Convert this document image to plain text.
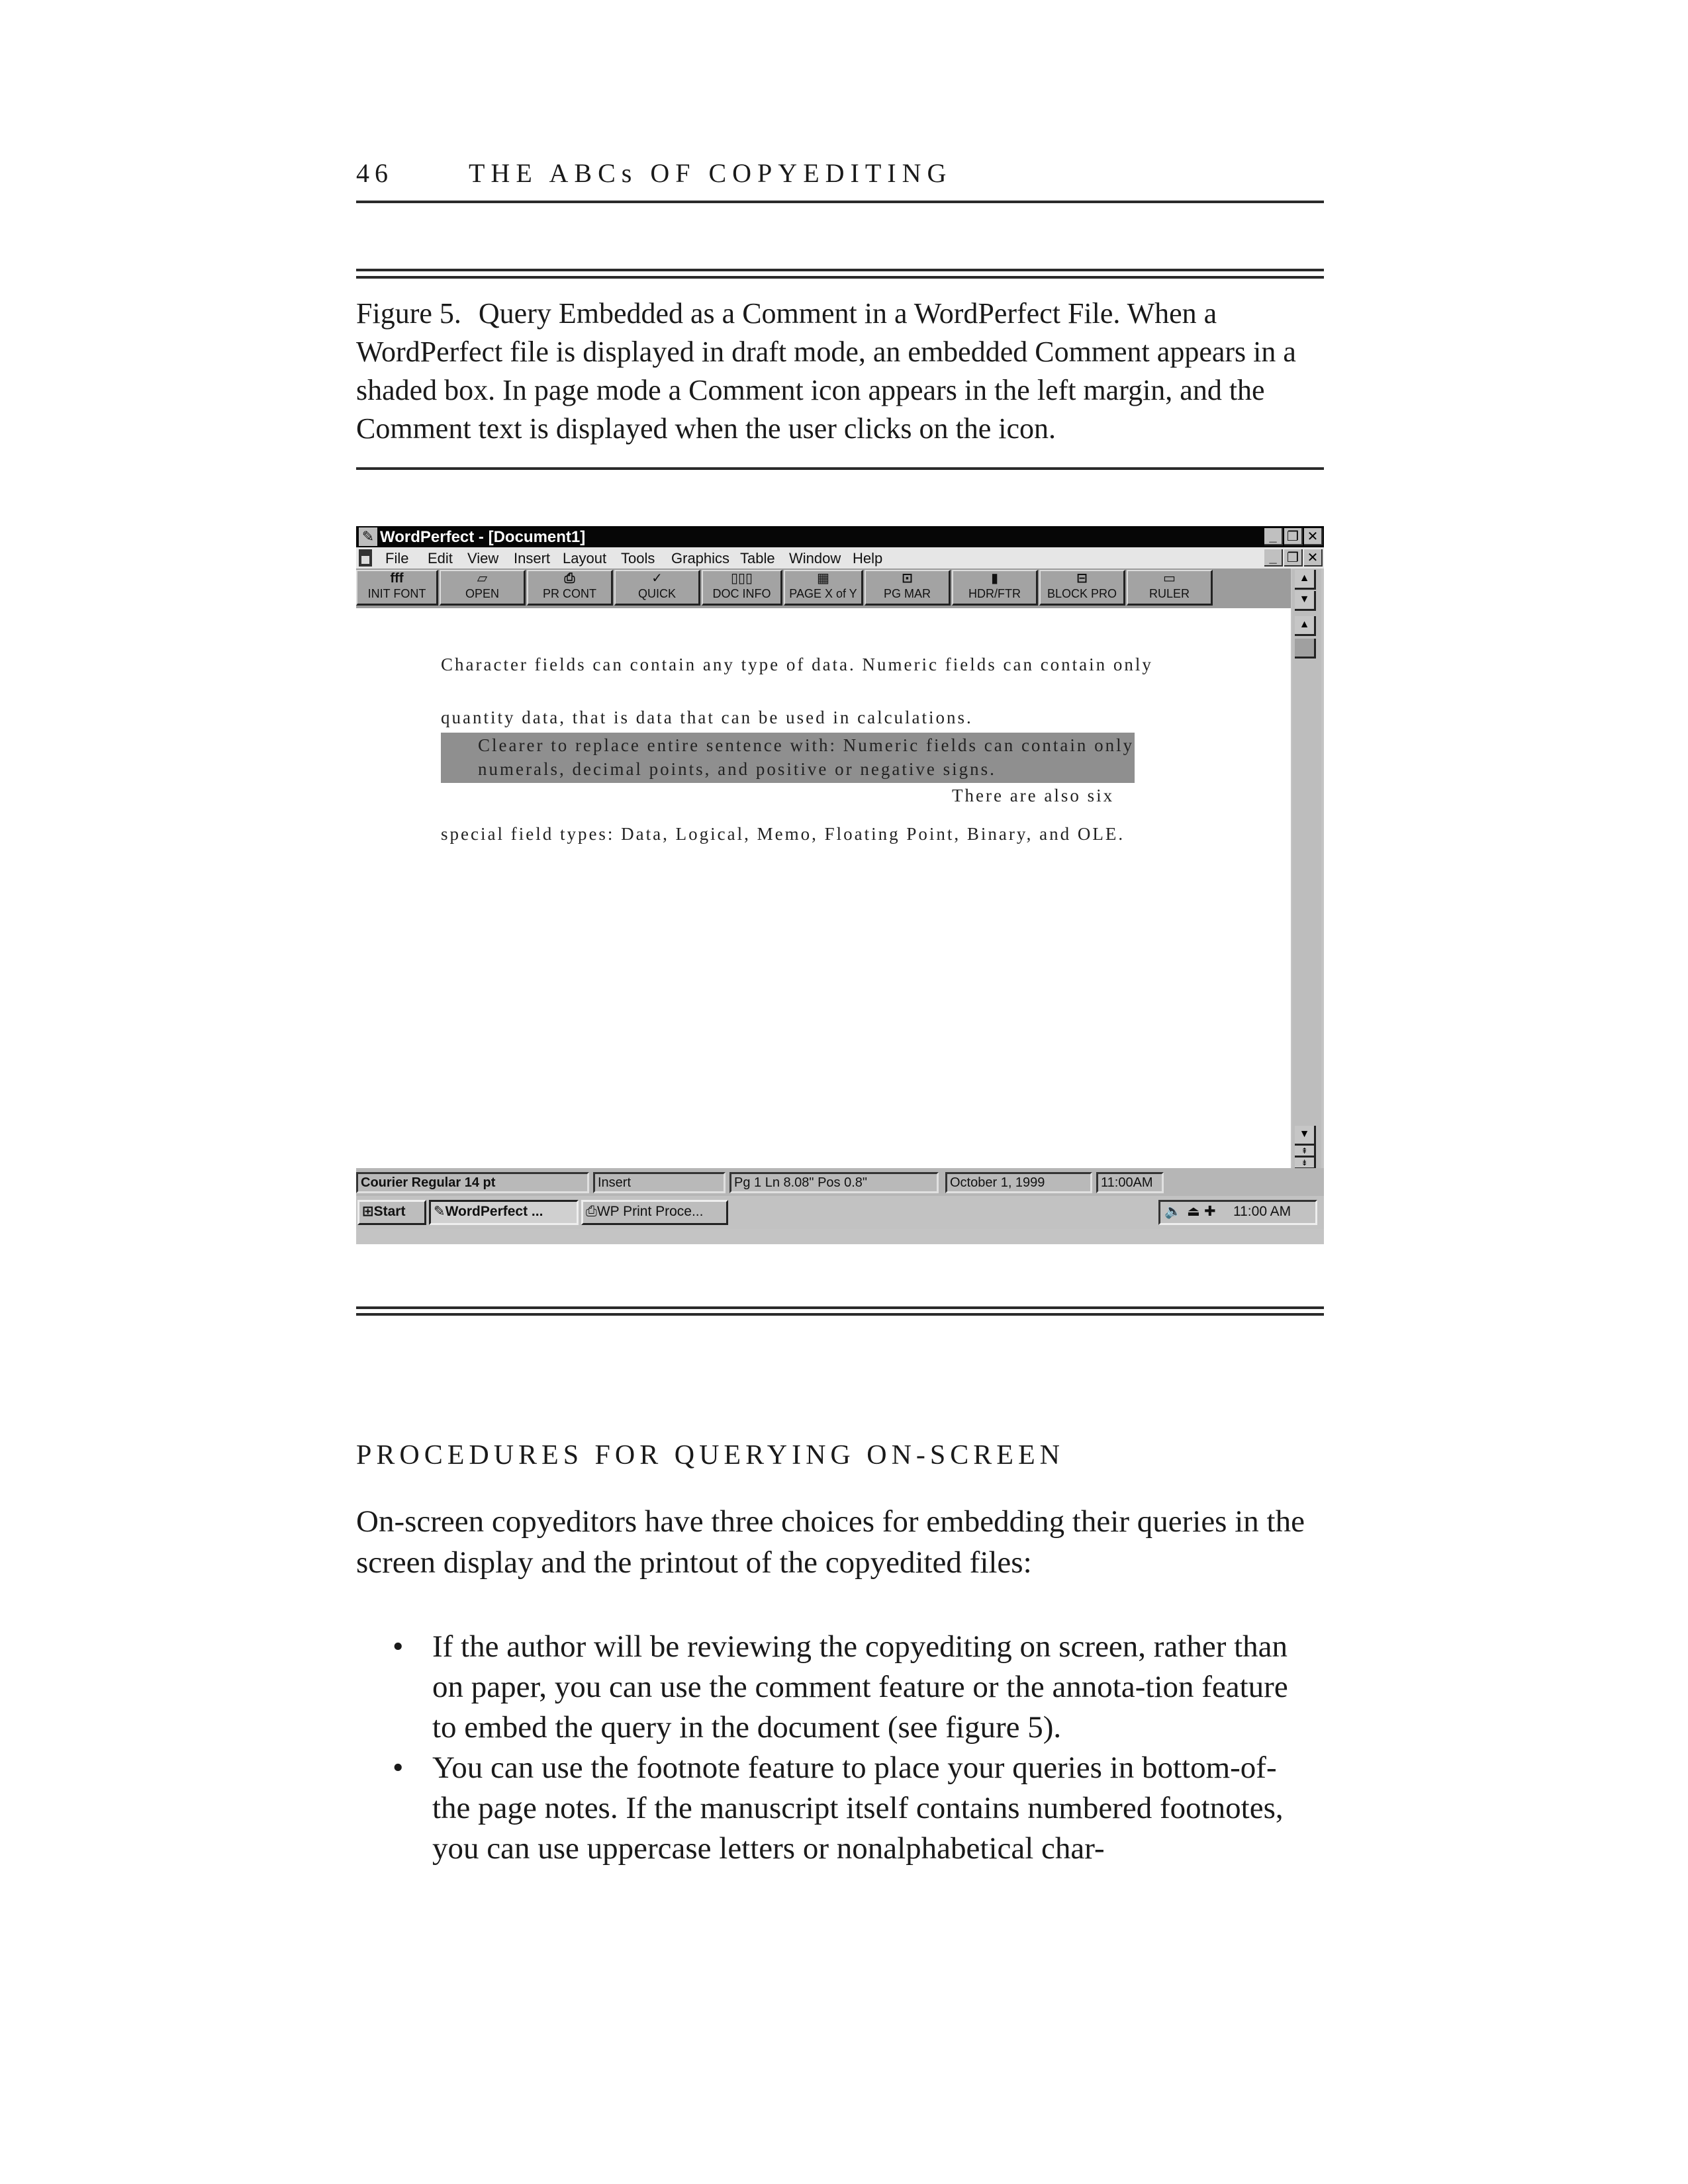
46	THE ABCs OF COPYEDITING
Figure 5. Query Embedded as a Comment in a WordPerfect File. When a WordPerfect file is displayed in draft mode, an embedded Comment appears in a shaded box. In page mode a Comment icon appears in the left margin, and the Comment text is displayed when the user clicks on the icon.
✎ WordPerfect - [Document1]	_ ❐ ✕
File Edit View Insert Layout Tools Graphics Table Window Help	_ ❐ ✕
fff
INIT FONT
▱
OPEN
⎙
PR CONT
✓
QUICK
▯▯▯
DOC INFO
▦
PAGE X of Y
⊡
PG MAR
▮
HDR/FTR
⊟
BLOCK PRO
▭
RULER
▲
▼
▲
▼
⇞
⇟
Character fields can contain any type of data. Numeric fields can contain only
quantity data, that is data that can be used in calculations.
Clearer to replace entire sentence with: Numeric fields can contain only
numerals, decimal points, and positive or negative signs.
There are also six
special field types: Data, Logical, Memo, Floating Point, Binary, and OLE.
Courier Regular 14 pt	Insert	Pg 1 Ln 8.08" Pos 0.8"	October 1, 1999	11:00AM
⊞Start	✎WordPerfect ...	⎙WP Print Proce...	🔈 ⏏ ✚ 11:00 AM
PROCEDURES FOR QUERYING ON-SCREEN

On-screen copyeditors have three choices for embedding their queries in the screen display and the printout of the copyedited files:

• If the author will be reviewing the copyediting on screen, rather than on paper, you can use the comment feature or the annota-tion feature to embed the query in the document (see figure 5).
• You can use the footnote feature to place your queries in bottom-of-the page notes. If the manuscript itself contains numbered footnotes, you can use uppercase letters or nonalphabetical char-
